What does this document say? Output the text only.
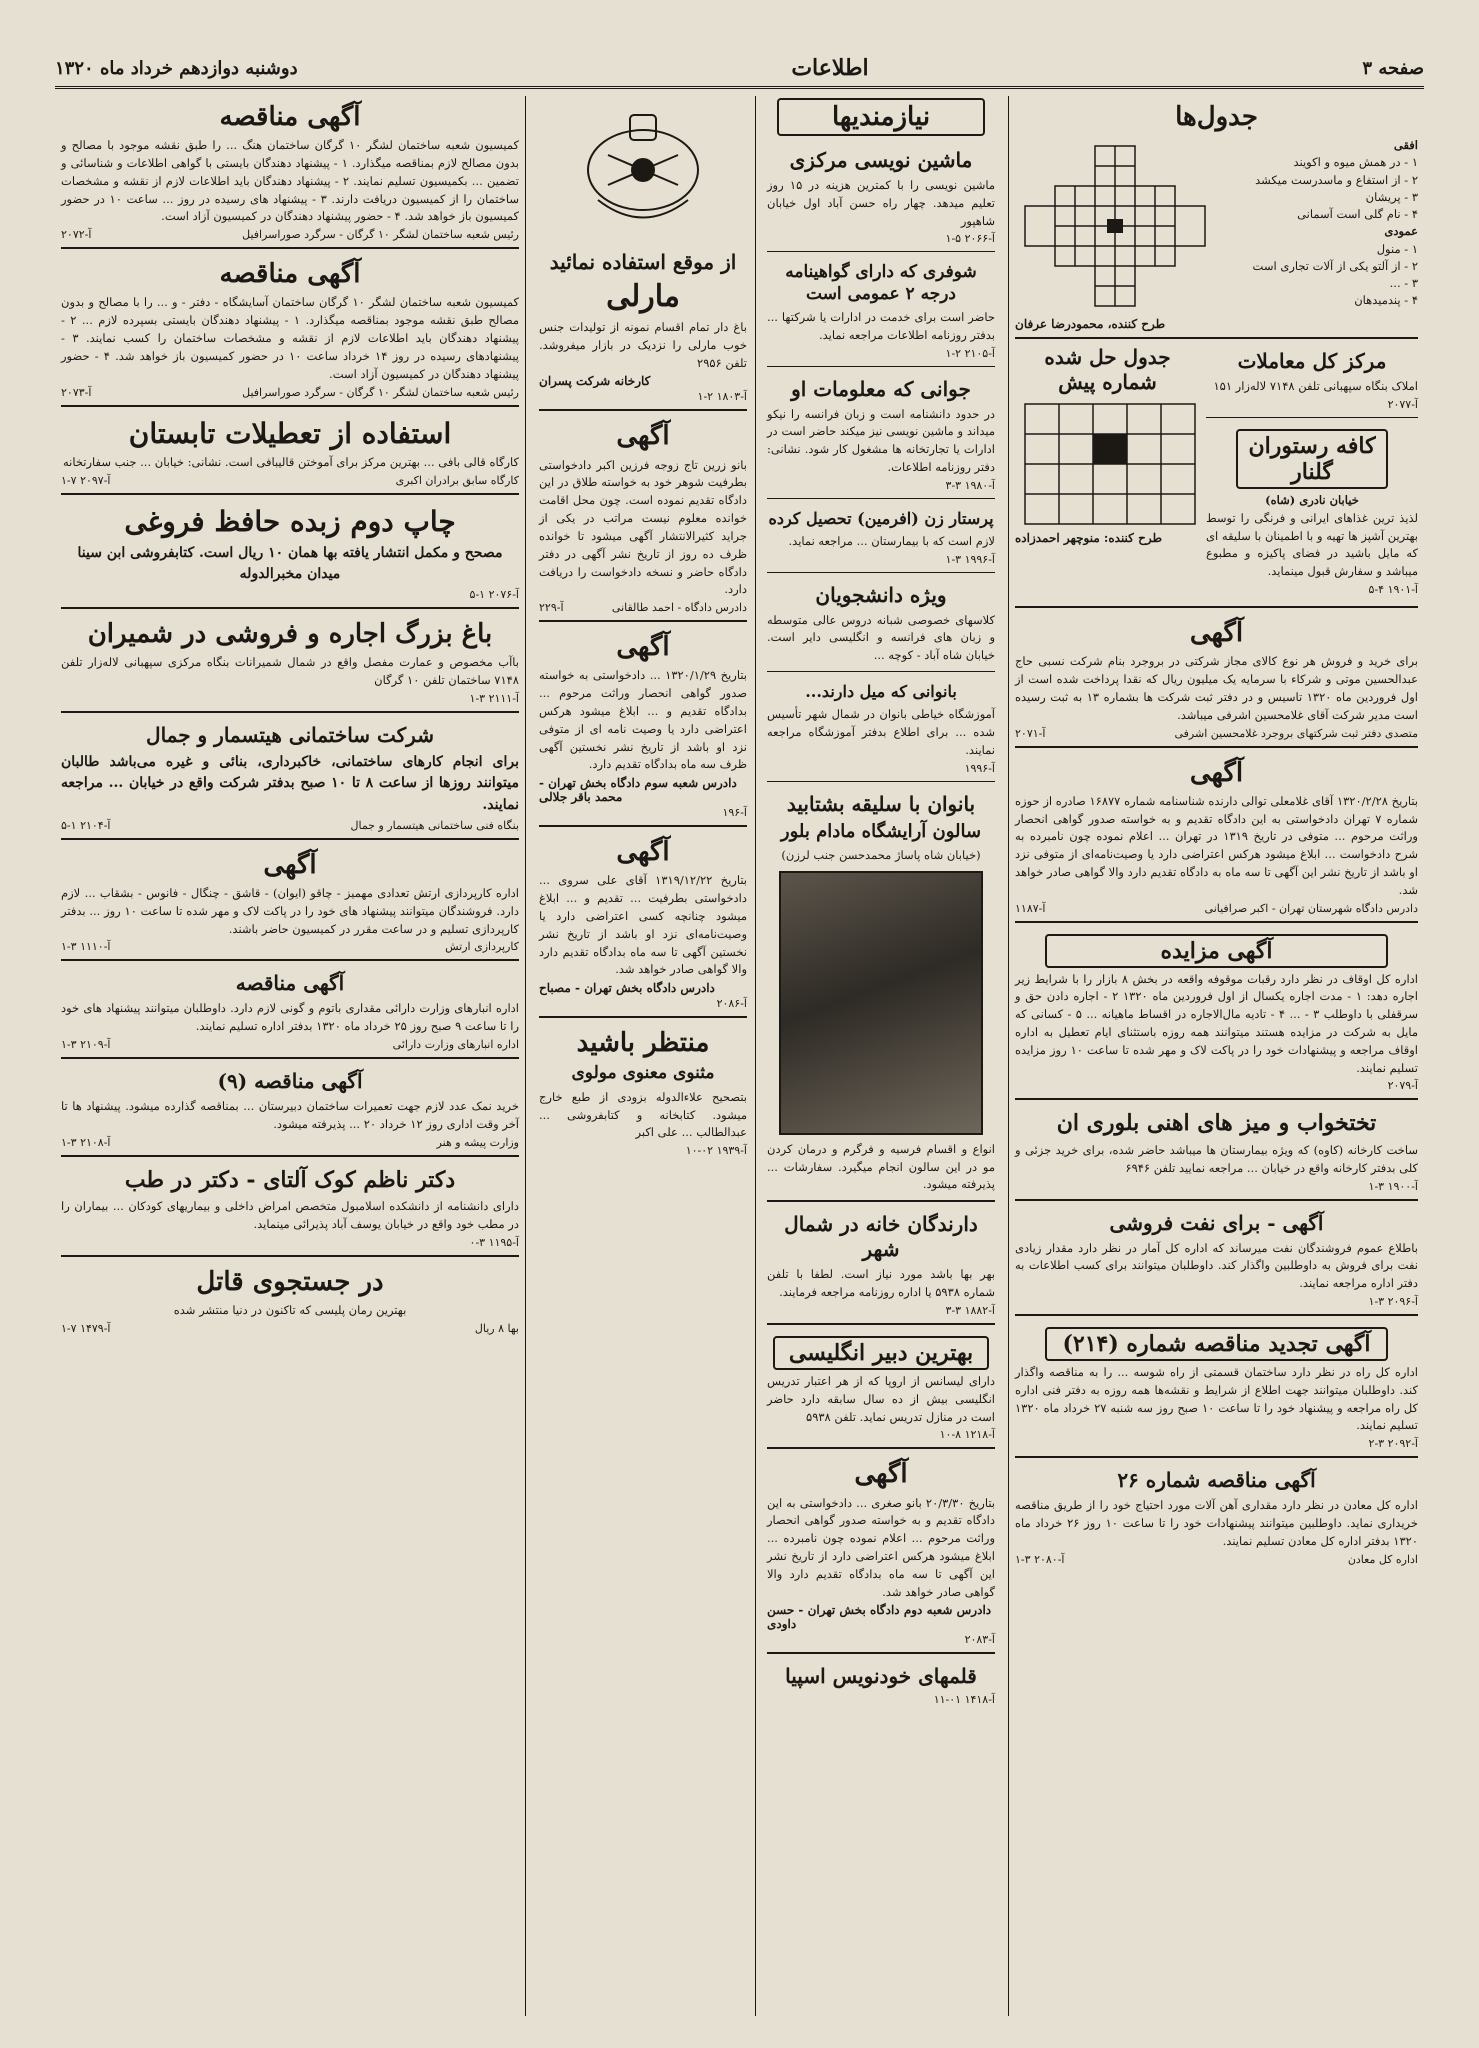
صفحه ۳
اطلاعات
دوشنبه دوازدهم خرداد ماه ۱۳۲۰
جدول‌ها
افقی
۱ - در همش میوه و اکویند
۲ - از استفاع و ماسدرست میکشد
۳ - پریشان
۴ - نام گلی است آسمانی
عمودی
۱ - منول
۲ - از آلتو یکی از آلات تجاری است
۳ - ...
۴ - پندمیدهان
طرح کننده، محمودرضا عرفان
مرکز کل معاملات
املاک بنگاه سپهبانی تلفن ۷۱۴۸ لاله‌زار ۱۵۱
آ-۲۰۷۷
کافه رستوران گلنار
خیابان نادری (شاه)
لذیذ ترین غذاهای ایرانی و فرنگی را توسط بهترین آشپز ها تهیه و با اطمینان با سلیقه ای که مایل باشید در فضای پاکیزه و مطبوع میباشد و سفارش قبول مینماید.
آ-۱۹۰۱ ۴-۵
جدول حل شده شماره پیش
طرح کننده: منوچهر احمدزاده
آگهی
برای خرید و فروش هر نوع کالای مجاز شرکتی در بروجرد بنام شرکت نسبی حاج عبدالحسین موتی و شرکاء با سرمایه یک میلیون ریال که نقدا پرداخت شده است از اول فروردین ماه ۱۳۲۰ تاسیس و در دفتر ثبت شرکت ها بشماره ۱۳ به ثبت رسیده است مدیر شرکت آقای غلامحسین اشرفی میباشد.
متصدی دفتر ثبت شرکتهای بروجرد غلامحسین اشرفی
آ-۲۰۷۱
آگهی
بتاریخ ۱۳۲۰/۲/۲۸ آقای غلامعلی توالی دارنده شناسنامه شماره ۱۶۸۷۷ صادره از حوزه شماره ۷ تهران دادخواستی به این دادگاه تقدیم و به خواسته صدور گواهی انحصار وراثت مرحوم ... متوفی در تاریخ ۱۳۱۹ در تهران ... اعلام نموده چون نامبرده به شرح دادخواست ... ابلاغ میشود هرکس اعتراضی دارد یا وصیت‌نامه‌ای از متوفی نزد او باشد از تاریخ نشر این آگهی تا سه ماه به دادگاه تقدیم دارد والا گواهی صادر خواهد شد.
دادرس دادگاه شهرستان تهران - اکبر صرافیانی
آ-۱۱۸۷
آگهی مزایده
اداره کل اوقاف در نظر دارد رقبات موقوفه واقعه در بخش ۸ بازار را با شرایط زیر اجاره دهد: ۱ - مدت اجاره یکسال از اول فروردین ماه ۱۳۲۰ ۲ - اجاره دادن حق و سرقفلی با داوطلب ۳ - ... ۴ - تادیه مال‌الاجاره در اقساط ماهیانه ... ۵ - کسانی که مایل به شرکت در مزایده هستند میتوانند همه روزه باستثنای ایام تعطیل به اداره اوقاف مراجعه و پیشنهادات خود را در پاکت لاک و مهر شده تا ساعت ۱۰ روز مزایده تسلیم نمایند.
آ-۲۰۷۹
تختخواب و میز های اهنی بلوری ان
ساخت کارخانه (کاوه) که ویژه بیمارستان ها میباشد حاضر شده، برای خرید جزئی و کلی بدفتر کارخانه واقع در خیابان ... مراجعه نمایید تلفن ۶۹۴۶
آ-۱۹۰۰ ۳-۱
آگهی - برای نفت فروشی
باطلاع عموم فروشندگان نفت میرساند که اداره کل آمار در نظر دارد مقدار زیادی نفت برای فروش به داوطلبین واگذار کند. داوطلبان میتوانند برای کسب اطلاعات به دفتر اداره مراجعه نمایند.
آ-۲۰۹۶ ۳-۱
آگهی تجدید مناقصه شماره (۲۱۴)
اداره کل راه در نظر دارد ساختمان قسمتی از راه شوسه ... را به مناقصه واگذار کند. داوطلبان میتوانند جهت اطلاع از شرایط و نقشه‌ها همه روزه به دفتر فنی اداره کل راه مراجعه و پیشنهاد خود را تا ساعت ۱۰ صبح روز سه شنبه ۲۷ خرداد ماه ۱۳۲۰ تسلیم نمایند.
آ-۲۰۹۲ ۳-۲
آگهی مناقصه شماره ۲۶
اداره کل معادن در نظر دارد مقداری آهن آلات مورد احتیاج خود را از طریق مناقصه خریداری نماید. داوطلبین میتوانند پیشنهادات خود را تا ساعت ۱۰ روز ۲۶ خرداد ماه ۱۳۲۰ بدفتر اداره کل معادن تسلیم نمایند.
اداره کل معادن
آ-۲۰۸۰ ۳-۱
نیازمندیها
ماشین نویسی مرکزی
ماشین نویسی را با کمترین هزینه در ۱۵ روز تعلیم میدهد. چهار راه حسن آباد اول خیابان شاهپور
آ-۲۰۶۶ ۵-۱
شوفری که دارای گواهینامه درجه ۲ عمومی است
حاضر است برای خدمت در ادارات یا شرکتها ... بدفتر روزنامه اطلاعات مراجعه نماید.
آ-۲۱۰۵ ۲-۱
جوانی که معلومات او
در حدود دانشنامه است و زبان فرانسه را نیکو میداند و ماشین نویسی نیز میکند حاضر است در ادارات یا تجارتخانه ها مشغول کار شود. نشانی: دفتر روزنامه اطلاعات.
آ-۱۹۸۰ ۳-۳
پرستار زن (افرمین) تحصیل کرده
لازم است که با بیمارستان ... مراجعه نماید.
آ-۱۹۹۶ ۳-۱
ویژه دانشجویان
کلاسهای خصوصی شبانه دروس عالی متوسطه و زبان های فرانسه و انگلیسی دایر است. خیابان شاه آباد - کوچه ...
بانوانی که میل دارند...
آموزشگاه خیاطی بانوان در شمال شهر تأسیس شده ... برای اطلاع بدفتر آموزشگاه مراجعه نمایند.
آ-۱۹۹۶
بانوان با سلیقه بشتابید
سالون آرایشگاه مادام بلور
(خیابان شاه پاساژ محمدحسن جنب لرزن)
انواع و اقسام فرسیه و فرگرم و درمان کردن مو در این سالون انجام میگیرد. سفارشات ... پذیرفته میشود.
دارندگان خانه در شمال شهر
بهر بها باشد مورد نیاز است. لطفا با تلفن شماره ۵۹۳۸ یا اداره روزنامه مراجعه فرمایند.
آ-۱۸۸۲ ۳-۳
بهترین دبیر انگلیسی
دارای لیسانس از اروپا که از هر اعتبار تدریس انگلیسی بیش از ده سال سابقه دارد حاضر است در منازل تدریس نماید. تلفن ۵۹۳۸
آ-۱۲۱۸ ۸-۱۰
آگهی
بتاریخ ۲۰/۳/۳۰ بانو صغری ... دادخواستی به این دادگاه تقدیم و به خواسته صدور گواهی انحصار وراثت مرحوم ... اعلام نموده چون نامبرده ... ابلاغ میشود هرکس اعتراضی دارد از تاریخ نشر این آگهی تا سه ماه بدادگاه تقدیم دارد والا گواهی صادر خواهد شد.
دادرس شعبه دوم دادگاه بخش تهران - حسن داودی
آ-۲۰۸۳
قلمهای خودنویس اسپیا
آ-۱۴۱۸ ۰۱-۱۱
از موقع استفاده نمائید
مارلی
باغ دار تمام اقسام نمونه از تولیدات جنس خوب مارلی را نزدیک در بازار میفروشد. تلفن ۲۹۵۶
کارخانه شرکت پسران
آ-۱۸۰۳ ۲-۱
آگهی
بانو زرین تاج زوجه فرزین اکبر دادخواستی بطرفیت شوهر خود به خواسته طلاق در این دادگاه تقدیم نموده است. چون محل اقامت خوانده معلوم نیست مراتب در یکی از جراید کثیرالانتشار آگهی میشود تا خوانده ظرف ده روز از تاریخ نشر آگهی در دفتر دادگاه حاضر و نسخه دادخواست را دریافت دارد.
دادرس دادگاه - احمد طالقانی
آ-۲۲۹
آگهی
بتاریخ ۱۳۲۰/۱/۲۹ ... دادخواستی به خواسته صدور گواهی انحصار وراثت مرحوم ... بدادگاه تقدیم و ... ابلاغ میشود هرکس اعتراضی دارد یا وصیت نامه ای از متوفی نزد او باشد از تاریخ نشر نخستین آگهی ظرف سه ماه بدادگاه تقدیم دارد.
دادرس شعبه سوم دادگاه بخش تهران - محمد باقر جلالی
آ-۱۹۶
آگهی
بتاریخ ۱۳۱۹/۱۲/۲۲ آقای علی سروی ... دادخواستی بطرفیت ... تقدیم و ... ابلاغ میشود چنانچه کسی اعتراضی دارد یا وصیت‌نامه‌ای نزد او باشد از تاریخ نشر نخستین آگهی تا سه ماه بدادگاه تقدیم دارد والا گواهی صادر خواهد شد.
دادرس دادگاه بخش تهران - مصباح
آ-۲۰۸۶
منتظر باشید
مثنوی معنوی مولوی
بتصحیح علاءالدوله بزودی از طبع خارج میشود. کتابخانه و کتابفروشی ... عبدالطالب ... علی اکبر
آ-۱۹۳۹ ۰۲-۱۰
آگهی مناقصه
کمیسیون شعبه ساختمان لشگر ۱۰ گرگان ساختمان هنگ ... را طبق نقشه موجود با مصالح و بدون مصالح لازم بمناقصه میگذارد. ۱ - پیشنهاد دهندگان بایستی با گواهی اطلاعات و شناسائی و تضمین ... بکمیسیون تسلیم نمایند. ۲ - پیشنهاد دهندگان باید اطلاعات لازم از نقشه و مشخصات ساختمان را از کمیسیون دریافت دارند. ۳ - پیشنهاد های رسیده در روز ... ساعت ۱۰ در حضور کمیسیون باز خواهد شد. ۴ - حضور پیشنهاد دهندگان در کمیسیون آزاد است.
رئیس شعبه ساختمان لشگر ۱۰ گرگان - سرگرد صوراسرافیل
آ-۲۰۷۲
آگهی مناقصه
کمیسیون شعبه ساختمان لشگر ۱۰ گرگان ساختمان آسایشگاه - دفتر - و ... را با مصالح و بدون مصالح طبق نقشه موجود بمناقصه میگذارد. ۱ - پیشنهاد دهندگان بایستی بسپرده لازم ... ۲ - پیشنهاد دهندگان باید اطلاعات لازم از نقشه و مشخصات ساختمان را کسب نمایند. ۳ - پیشنهادهای رسیده در روز ۱۴ خرداد ساعت ۱۰ در حضور کمیسیون باز خواهد شد. ۴ - حضور پیشنهاد دهندگان در کمیسیون آزاد است.
رئیس شعبه ساختمان لشگر ۱۰ گرگان - سرگرد صوراسرافیل
آ-۲۰۷۳
استفاده از تعطیلات تابستان
کارگاه قالی بافی ... بهترین مرکز برای آموختن قالیبافی است. نشانی: خیابان ... جنب سفارتخانه
کارگاه سابق برادران اکبری
آ-۲۰۹۷ ۷-۱
چاپ دوم زبده حافظ فروغی
مصحح و مکمل انتشار یافته بها همان ۱۰ ریال است. کتابفروشی ابن سینا میدان مخبرالدوله
آ-۲۰۷۶ ۱-۵
باغ بزرگ اجاره و فروشی در شمیران
باآب مخصوص و عمارت مفصل واقع در شمال شمیرانات بنگاه مرکزی سپهبانی لاله‌زار تلفن ۷۱۴۸ ساختمان تلفن ۱۰ گرگان
آ-۲۱۱۱ ۳-۱
شرکت ساختمانی هیتسمار و جمال
برای انجام کارهای ساختمانی، خاکبرداری، بنائی و غیره می‌باشد طالبان میتوانند روزها از ساعت ۸ تا ۱۰ صبح بدفتر شرکت واقع در خیابان ... مراجعه نمایند.
بنگاه فنی ساختمانی هیتسمار و جمال
آ-۲۱۰۴ ۱-۵
آگهی
اداره کارپردازی ارتش تعدادی مهمیز - چاقو (ایوان) - قاشق - چنگال - فانوس - بشقاب ... لازم دارد. فروشندگان میتوانند پیشنهاد های خود را در پاکت لاک و مهر شده تا ساعت ۱۰ روز ... بدفتر کارپردازی تسلیم و در ساعت مقرر در کمیسیون حاضر باشند.
کارپردازی ارتش
آ-۱۱۱۰ ۳-۱
آگهی مناقصه
اداره انبارهای وزارت دارائی مقداری باتوم و گونی لازم دارد. داوطلبان میتوانند پیشنهاد های خود را تا ساعت ۹ صبح روز ۲۵ خرداد ماه ۱۳۲۰ بدفتر اداره تسلیم نمایند.
اداره انبارهای وزارت دارائی
آ-۲۱۰۹ ۳-۱
آگهی مناقصه (۹)
خرید نمک عدد لازم جهت تعمیرات ساختمان دبیرستان ... بمناقصه گذارده میشود. پیشنهاد ها تا آخر وقت اداری روز ۱۲ خرداد ۲۰ ... پذیرفته میشود.
وزارت پیشه و هنر
آ-۲۱۰۸ ۳-۱
دکتر ناظم کوک آلتای - دکتر در طب
دارای دانشنامه از دانشکده اسلامبول متخصص امراض داخلی و بیماریهای کودکان ... بیماران را در مطب خود واقع در خیابان یوسف آباد پذیرائی مینماید.
آ-۱۱۹۵ ۳-۰
در جستجوی قاتل
بهترین رمان پلیسی که تاکنون در دنیا منتشر شده
بها ۸ ریال
آ-۱۴۷۹ ۷-۱
